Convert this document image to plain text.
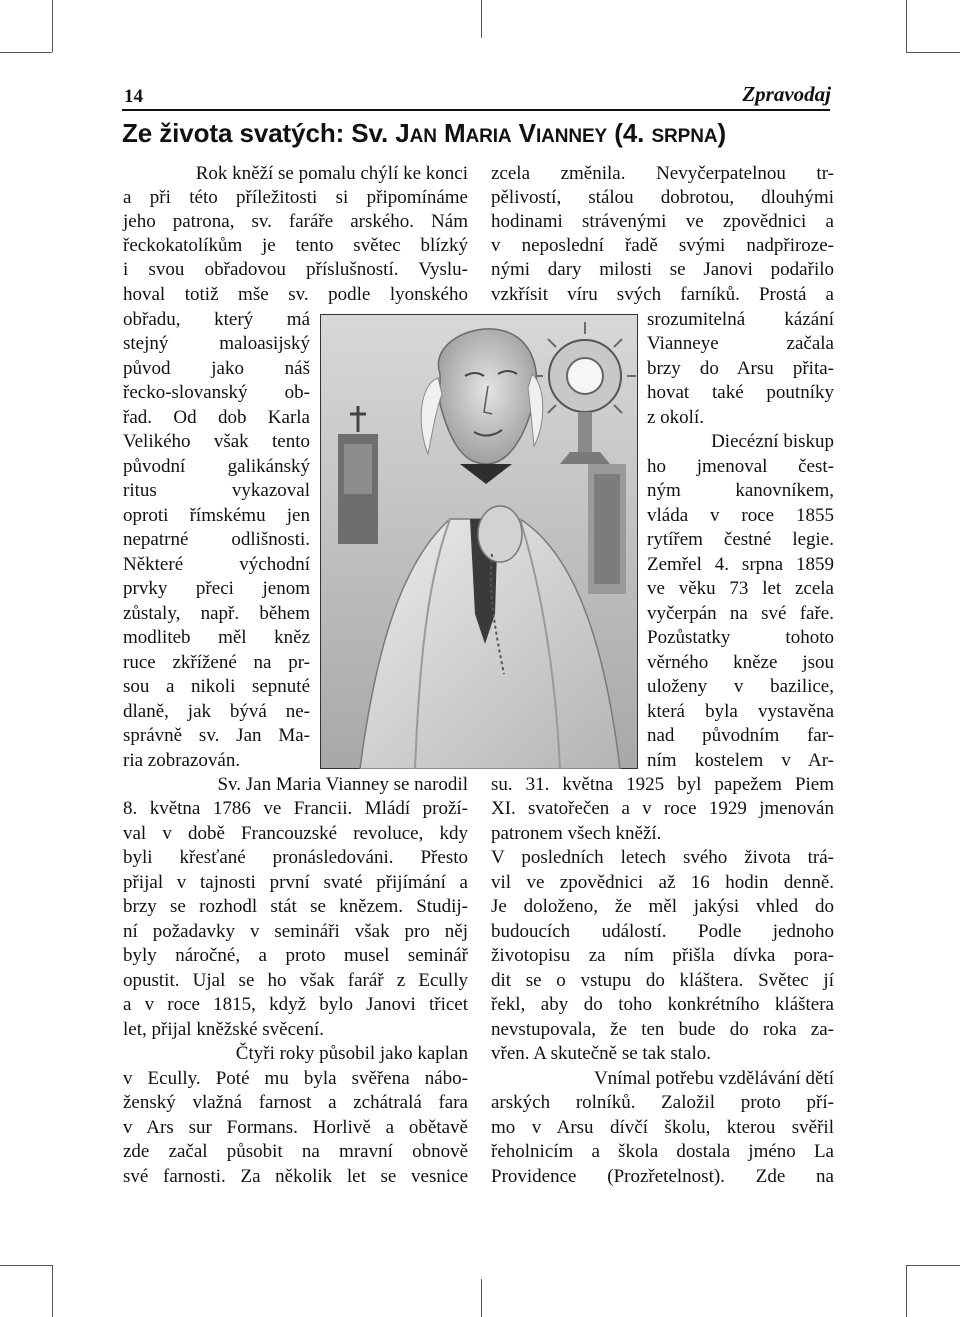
14	Zpravodaj
Ze života svatých: Sv. JAN MARIA VIANNEY (4. SRPNA)
Rok kněží se pomalu chýlí ke konci
a při této příležitosti si připomínáme
jeho patrona, sv. faráře arského. Nám
řeckokatolíkům je tento světec blízký
i svou obřadovou příslušností. Vyslu-
hoval totiž mše sv. podle lyonského
obřadu, který má
stejný maloasijský
původ jako náš
řecko-slovanský ob-
řad. Od dob Karla
Velikého však tento
původní galikánský
ritus vykazoval
oproti římskému jen
nepatrné odlišnosti.
Některé východní
prvky přeci jenom
zůstaly, např. během
modliteb měl kněz
ruce zkřížené na pr-
sou a nikoli sepnuté
dlaně, jak bývá ne-
správně sv. Jan Ma-
ria zobrazován.
Sv. Jan Maria Vianney se narodil
8. května 1786 ve Francii. Mládí proží-
val v době Francouzské revoluce, kdy
byli křesťané pronásledováni. Přesto
přijal v tajnosti první svaté přijímání a
brzy se rozhodl stát se knězem. Studij-
ní požadavky v semináři však pro něj
byly náročné, a proto musel seminář
opustit. Ujal se ho však farář z Ecully
a v roce 1815, když bylo Janovi třicet
let, přijal kněžské svěcení.
Čtyři roky působil jako kaplan
v Ecully. Poté mu byla svěřena nábo-
ženský vlažná farnost a zchátralá fara
v Ars sur Formans. Horlivě a obětavě
zde začal působit na mravní obnově
své farnosti. Za několik let se vesnice
zcela změnila. Nevyčerpatelnou tr-
pělivostí, stálou dobrotou, dlouhými
hodinami strávenými ve zpovědnici a
v neposlední řadě svými nadpřiroze-
nými dary milosti se Janovi podařilo
vzkřísit víru svých farníků. Prostá a
srozumitelná kázání
Vianneye začala
brzy do Arsu přita-
hovat také poutníky
z okolí.
Diecézní biskup
ho jmenoval čest-
ným kanovníkem,
vláda v roce 1855
rytířem čestné legie.
Zemřel 4. srpna 1859
ve věku 73 let zcela
vyčerpán na své faře.
Pozůstatky tohoto
věrného kněze jsou
uloženy v bazilice,
která byla vystavěna
nad původním far-
ním kostelem v Ar-
su. 31. května 1925 byl papežem Piem
XI. svatořečen a v roce 1929 jmenován
patronem všech kněží.
V posledních letech svého života trá-
vil ve zpovědnici až 16 hodin denně.
Je doloženo, že měl jakýsi vhled do
budoucích událostí. Podle jednoho
životopisu za ním přišla dívka pora-
dit se o vstupu do kláštera. Světec jí
řekl, aby do toho konkrétního kláštera
nevstupovala, že ten bude do roka za-
vřen. A skutečně se tak stalo.
Vnímal potřebu vzdělávání dětí
arských rolníků. Založil proto pří-
mo v Arsu dívčí školu, kterou svěřil
řeholnicím a škola dostala jméno La
Providence (Prozřetelnost). Zde na
